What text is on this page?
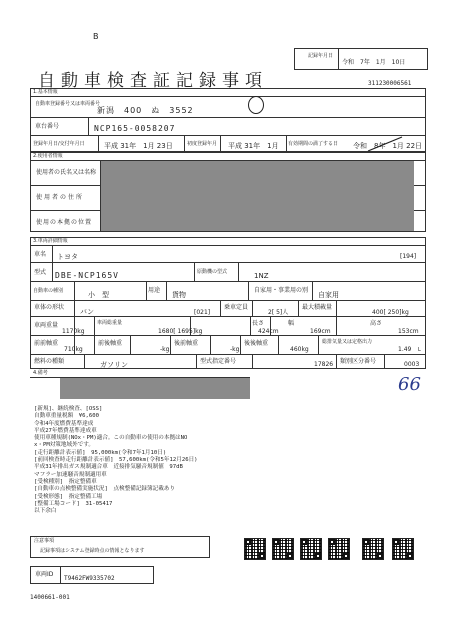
B
自動車検査証記録事項
記録年月日
令和　7年　1月　10日
311230006561
1.基本情報
自動車登録番号又は車両番号
新潟　400　ぬ　3552
車台番号	NCP165-0058207
登録年月日/交付年月日	平成 31年　1月 23日	初度登録年月 平成 31年　1月 有効期間の満了する日 令和　8年　1月 22日
2.使用者情報
使用者の氏名又は名称
使用者の住所
使用の本拠の位置
3.車両詳細情報
車名 トヨタ	[194]
型式 DBE-NCP165V	原動機の型式	1NZ
自動車の種別	小　型
用途
貨物
自家用・事業用の別
自家用
車体の形状
バン	[021]
乗車定員
2[ 5]人
最大積載量
400[ 250]kg
車両重量
1170kg
車両総重量
1680[ 1695]kg
長さ
424cm
幅
169cm
高さ
153cm
前前軸重
710kg
前後軸重
-kg
後前軸重
-kg
後後軸重
460kg
総排気量又は定格出力
1.49 L
燃料の種類	ガソリン	型式指定番号	17826 類別区分番号	0003
4.備考
66
[新規]、継続検査、[OSS]
自動車重量税額　¥6,600
令和4年度燃費基準達成
平成27年燃費基準達成車
使用車種規制(NOx・PM)適合。この自動車の使用の本拠はNO
x・PM対策地域外です。
[走行距離計表示値]　95,000km(令和7年1月10日)
[前回検査時走行距離計表示値]　57,600km(令和5年12月26日)
平成31年排出ガス規制適合車　近接排気騒音規制値　97dB
マフラー加速騒音規制適用車
[受検種別]　指定整備車
[自動車の点検整備実施状況]　点検整備記録簿記載あり
[受検形態]　指定整備工場
[整備工場コード]　31-05417
以下余白
注意事項
記録事項はシステム登録時点の情報となります
車両ID
T9462FW9335702
1400661-001
